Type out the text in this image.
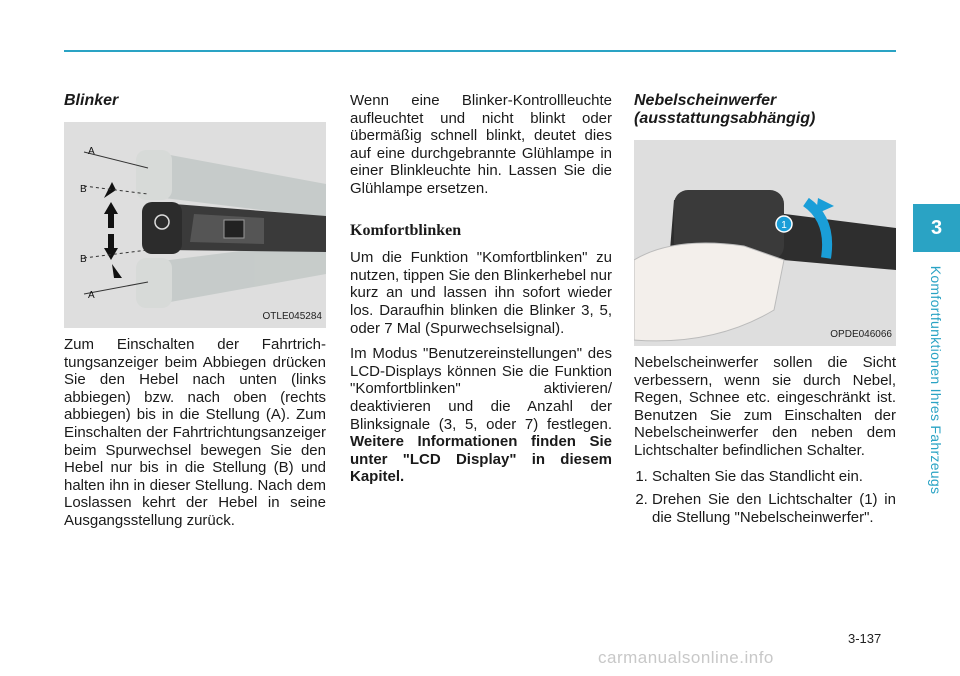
Blinker
A
B
B
A
OTLE045284

Zum Einschalten der Fahrtrichtungsanzeiger beim Abbiegen drücken Sie den Hebel nach unten (links abbiegen) bzw. nach oben (rechts abbiegen) bis in die Stellung (A). Zum Einschalten der Fahrtrichtungsanzeiger beim Spurwechsel bewegen Sie den Hebel nur bis in die Stellung (B) und halten ihn in dieser Stellung. Nach dem Loslassen kehrt der Hebel in seine Ausgangsstellung zurück.

Wenn eine Blinker-Kontrollleuchte aufleuchtet und nicht blinkt oder übermäßig schnell blinkt, deutet dies auf eine durchgebrannte Glühlampe in einer Blinkleuchte hin. Lassen Sie die Glühlampe ersetzen.

Komfortblinken

Um die Funktion "Komfortblinken" zu nutzen, tippen Sie den Blinkerhebel nur kurz an und lassen ihn sofort wieder los. Daraufhin blinken die Blinker 3, 5, oder 7 Mal (Spurwechselsignal).

Im Modus "Benutzereinstellungen" des LCD-Displays können Sie die Funktion "Komfortblinken" aktivieren/ deaktivieren und die Anzahl der Blinksignale (3, 5, oder 7) festlegen. Weitere Informationen finden Sie unter "LCD Display" in diesem Kapitel.

Nebelscheinwerfer (ausstattungsabhängig)
1
OPDE046066

Nebelscheinwerfer sollen die Sicht verbessern, wenn sie durch Nebel, Regen, Schnee etc. eingeschränkt ist. Benutzen Sie zum Einschalten der Nebelscheinwerfer den neben dem Lichtschalter befindlichen Schalter.

1. Schalten Sie das Standlicht ein.
2. Drehen Sie den Lichtschalter (1) in die Stellung "Nebelscheinwerfer".
3
Komfortfunktionen Ihres Fahrzeugs
3-137
carmanualsonline.info
